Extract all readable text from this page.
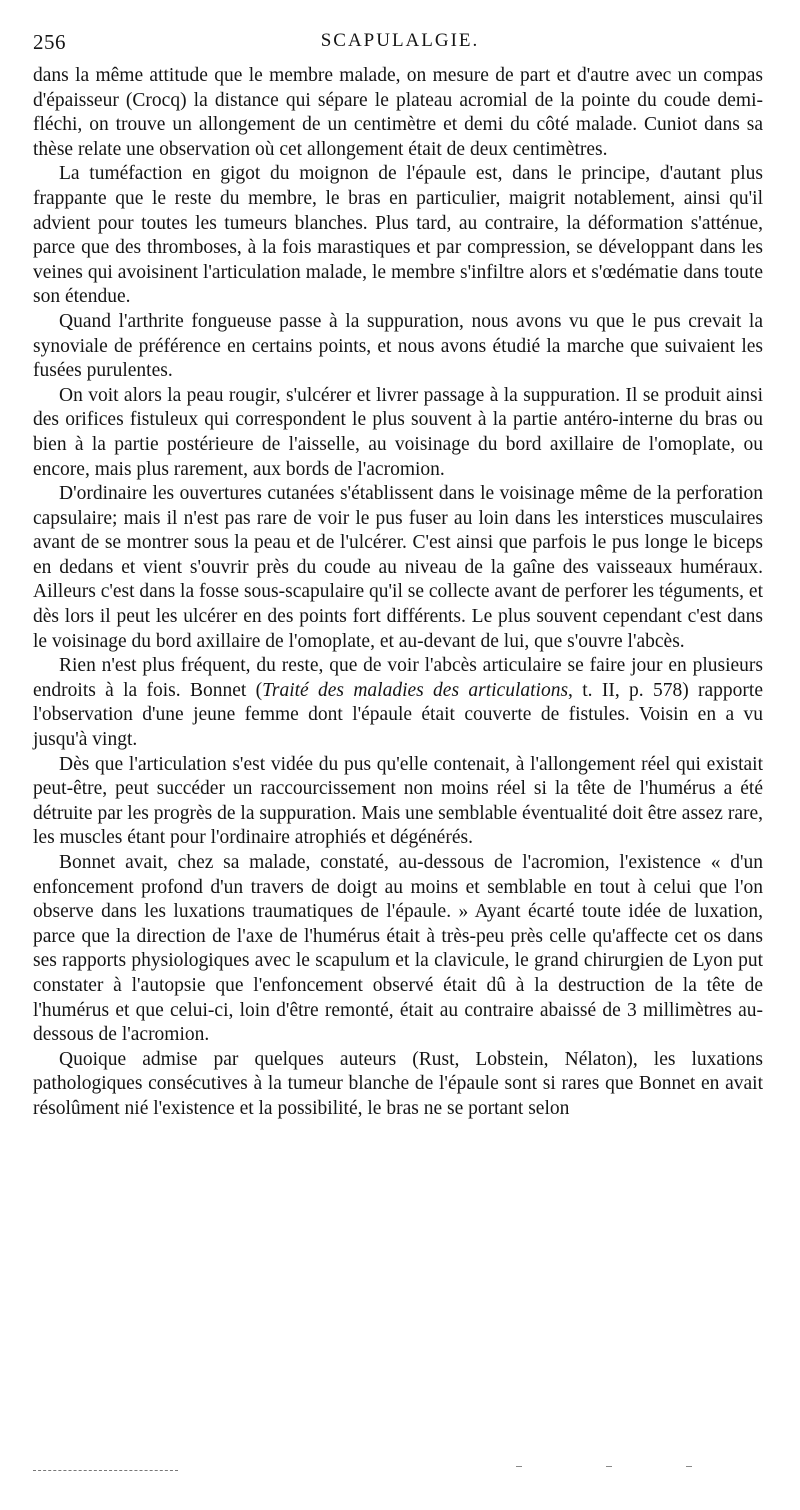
256	SCAPULALGIE.

dans la même attitude que le membre malade, on mesure de part et d'autre avec un compas d'épaisseur (Crocq) la distance qui sépare le plateau acromial de la pointe du coude demi-fléchi, on trouve un allongement de un centimètre et demi du côté malade. Cuniot dans sa thèse relate une observation où cet allongement était de deux centimètres.

La tuméfaction en gigot du moignon de l'épaule est, dans le principe, d'autant plus frappante que le reste du membre, le bras en particulier, maigrit notablement, ainsi qu'il advient pour toutes les tumeurs blanches. Plus tard, au contraire, la déformation s'atténue, parce que des thromboses, à la fois marastiques et par compression, se développant dans les veines qui avoisinent l'articulation malade, le membre s'infiltre alors et s'œdématie dans toute son étendue.

Quand l'arthrite fongueuse passe à la suppuration, nous avons vu que le pus crevait la synoviale de préférence en certains points, et nous avons étudié la marche que suivaient les fusées purulentes.

On voit alors la peau rougir, s'ulcérer et livrer passage à la suppuration. Il se produit ainsi des orifices fistuleux qui correspondent le plus souvent à la partie antéro-interne du bras ou bien à la partie postérieure de l'aisselle, au voisinage du bord axillaire de l'omoplate, ou encore, mais plus rarement, aux bords de l'acromion.

D'ordinaire les ouvertures cutanées s'établissent dans le voisinage même de la perforation capsulaire; mais il n'est pas rare de voir le pus fuser au loin dans les interstices musculaires avant de se montrer sous la peau et de l'ulcérer. C'est ainsi que parfois le pus longe le biceps en dedans et vient s'ouvrir près du coude au niveau de la gaîne des vaisseaux huméraux. Ailleurs c'est dans la fosse sous-scapulaire qu'il se collecte avant de perforer les téguments, et dès lors il peut les ulcérer en des points fort différents. Le plus souvent cependant c'est dans le voisinage du bord axillaire de l'omoplate, et au-devant de lui, que s'ouvre l'abcès.

Rien n'est plus fréquent, du reste, que de voir l'abcès articulaire se faire jour en plusieurs endroits à la fois. Bonnet (Traité des maladies des articulations, t. II, p. 578) rapporte l'observation d'une jeune femme dont l'épaule était couverte de fistules. Voisin en a vu jusqu'à vingt.

Dès que l'articulation s'est vidée du pus qu'elle contenait, à l'allongement réel qui existait peut-être, peut succéder un raccourcissement non moins réel si la tête de l'humérus a été détruite par les progrès de la suppuration. Mais une semblable éventualité doit être assez rare, les muscles étant pour l'ordinaire atrophiés et dégénérés.

Bonnet avait, chez sa malade, constaté, au-dessous de l'acromion, l'existence « d'un enfoncement profond d'un travers de doigt au moins et semblable en tout à celui que l'on observe dans les luxations traumatiques de l'épaule. » Ayant écarté toute idée de luxation, parce que la direction de l'axe de l'humérus était à très-peu près celle qu'affecte cet os dans ses rapports physiologiques avec le scapulum et la clavicule, le grand chirurgien de Lyon put constater à l'autopsie que l'enfoncement observé était dû à la destruction de la tête de l'humérus et que celui-ci, loin d'être remonté, était au contraire abaissé de 3 millimètres au-dessous de l'acromion.

Quoique admise par quelques auteurs (Rust, Lobstein, Nélaton), les luxations pathologiques consécutives à la tumeur blanche de l'épaule sont si rares que Bonnet en avait résolûment nié l'existence et la possibilité, le bras ne se portant selon
